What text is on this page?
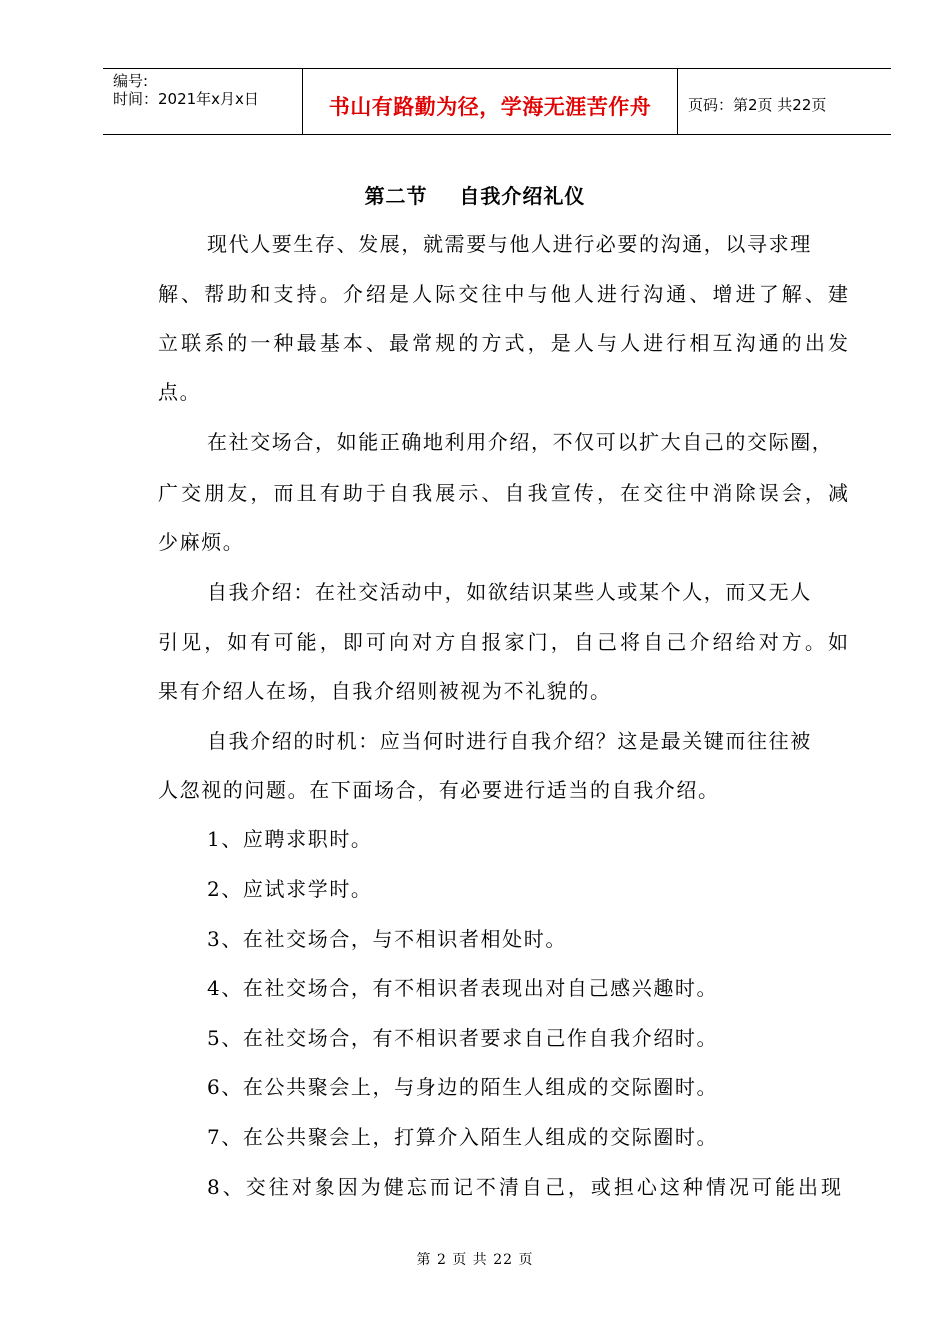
编号:
时间：2021年x月x日	书山有路勤为径，学海无涯苦作舟	页码：第2页 共22页
第二节    自我介绍礼仪
现代人要生存、发展，就需要与他人进行必要的沟通，以寻求理
解、帮助和支持。介绍是人际交往中与他人进行沟通、增进了解、建
立联系的一种最基本、最常规的方式，是人与人进行相互沟通的出发
点。
在社交场合，如能正确地利用介绍，不仅可以扩大自己的交际圈，
广交朋友，而且有助于自我展示、自我宣传，在交往中消除误会，减
少麻烦。
自我介绍：在社交活动中，如欲结识某些人或某个人，而又无人
引见，如有可能，即可向对方自报家门，自己将自己介绍给对方。如
果有介绍人在场，自我介绍则被视为不礼貌的。
自我介绍的时机：应当何时进行自我介绍？这是最关键而往往被
人忽视的问题。在下面场合，有必要进行适当的自我介绍。
1、应聘求职时。
2、应试求学时。
3、在社交场合，与不相识者相处时。
4、在社交场合，有不相识者表现出对自己感兴趣时。
5、在社交场合，有不相识者要求自己作自我介绍时。
6、在公共聚会上，与身边的陌生人组成的交际圈时。
7、在公共聚会上，打算介入陌生人组成的交际圈时。
8、交往对象因为健忘而记不清自己，或担心这种情况可能出现
第 2 页 共 22 页
